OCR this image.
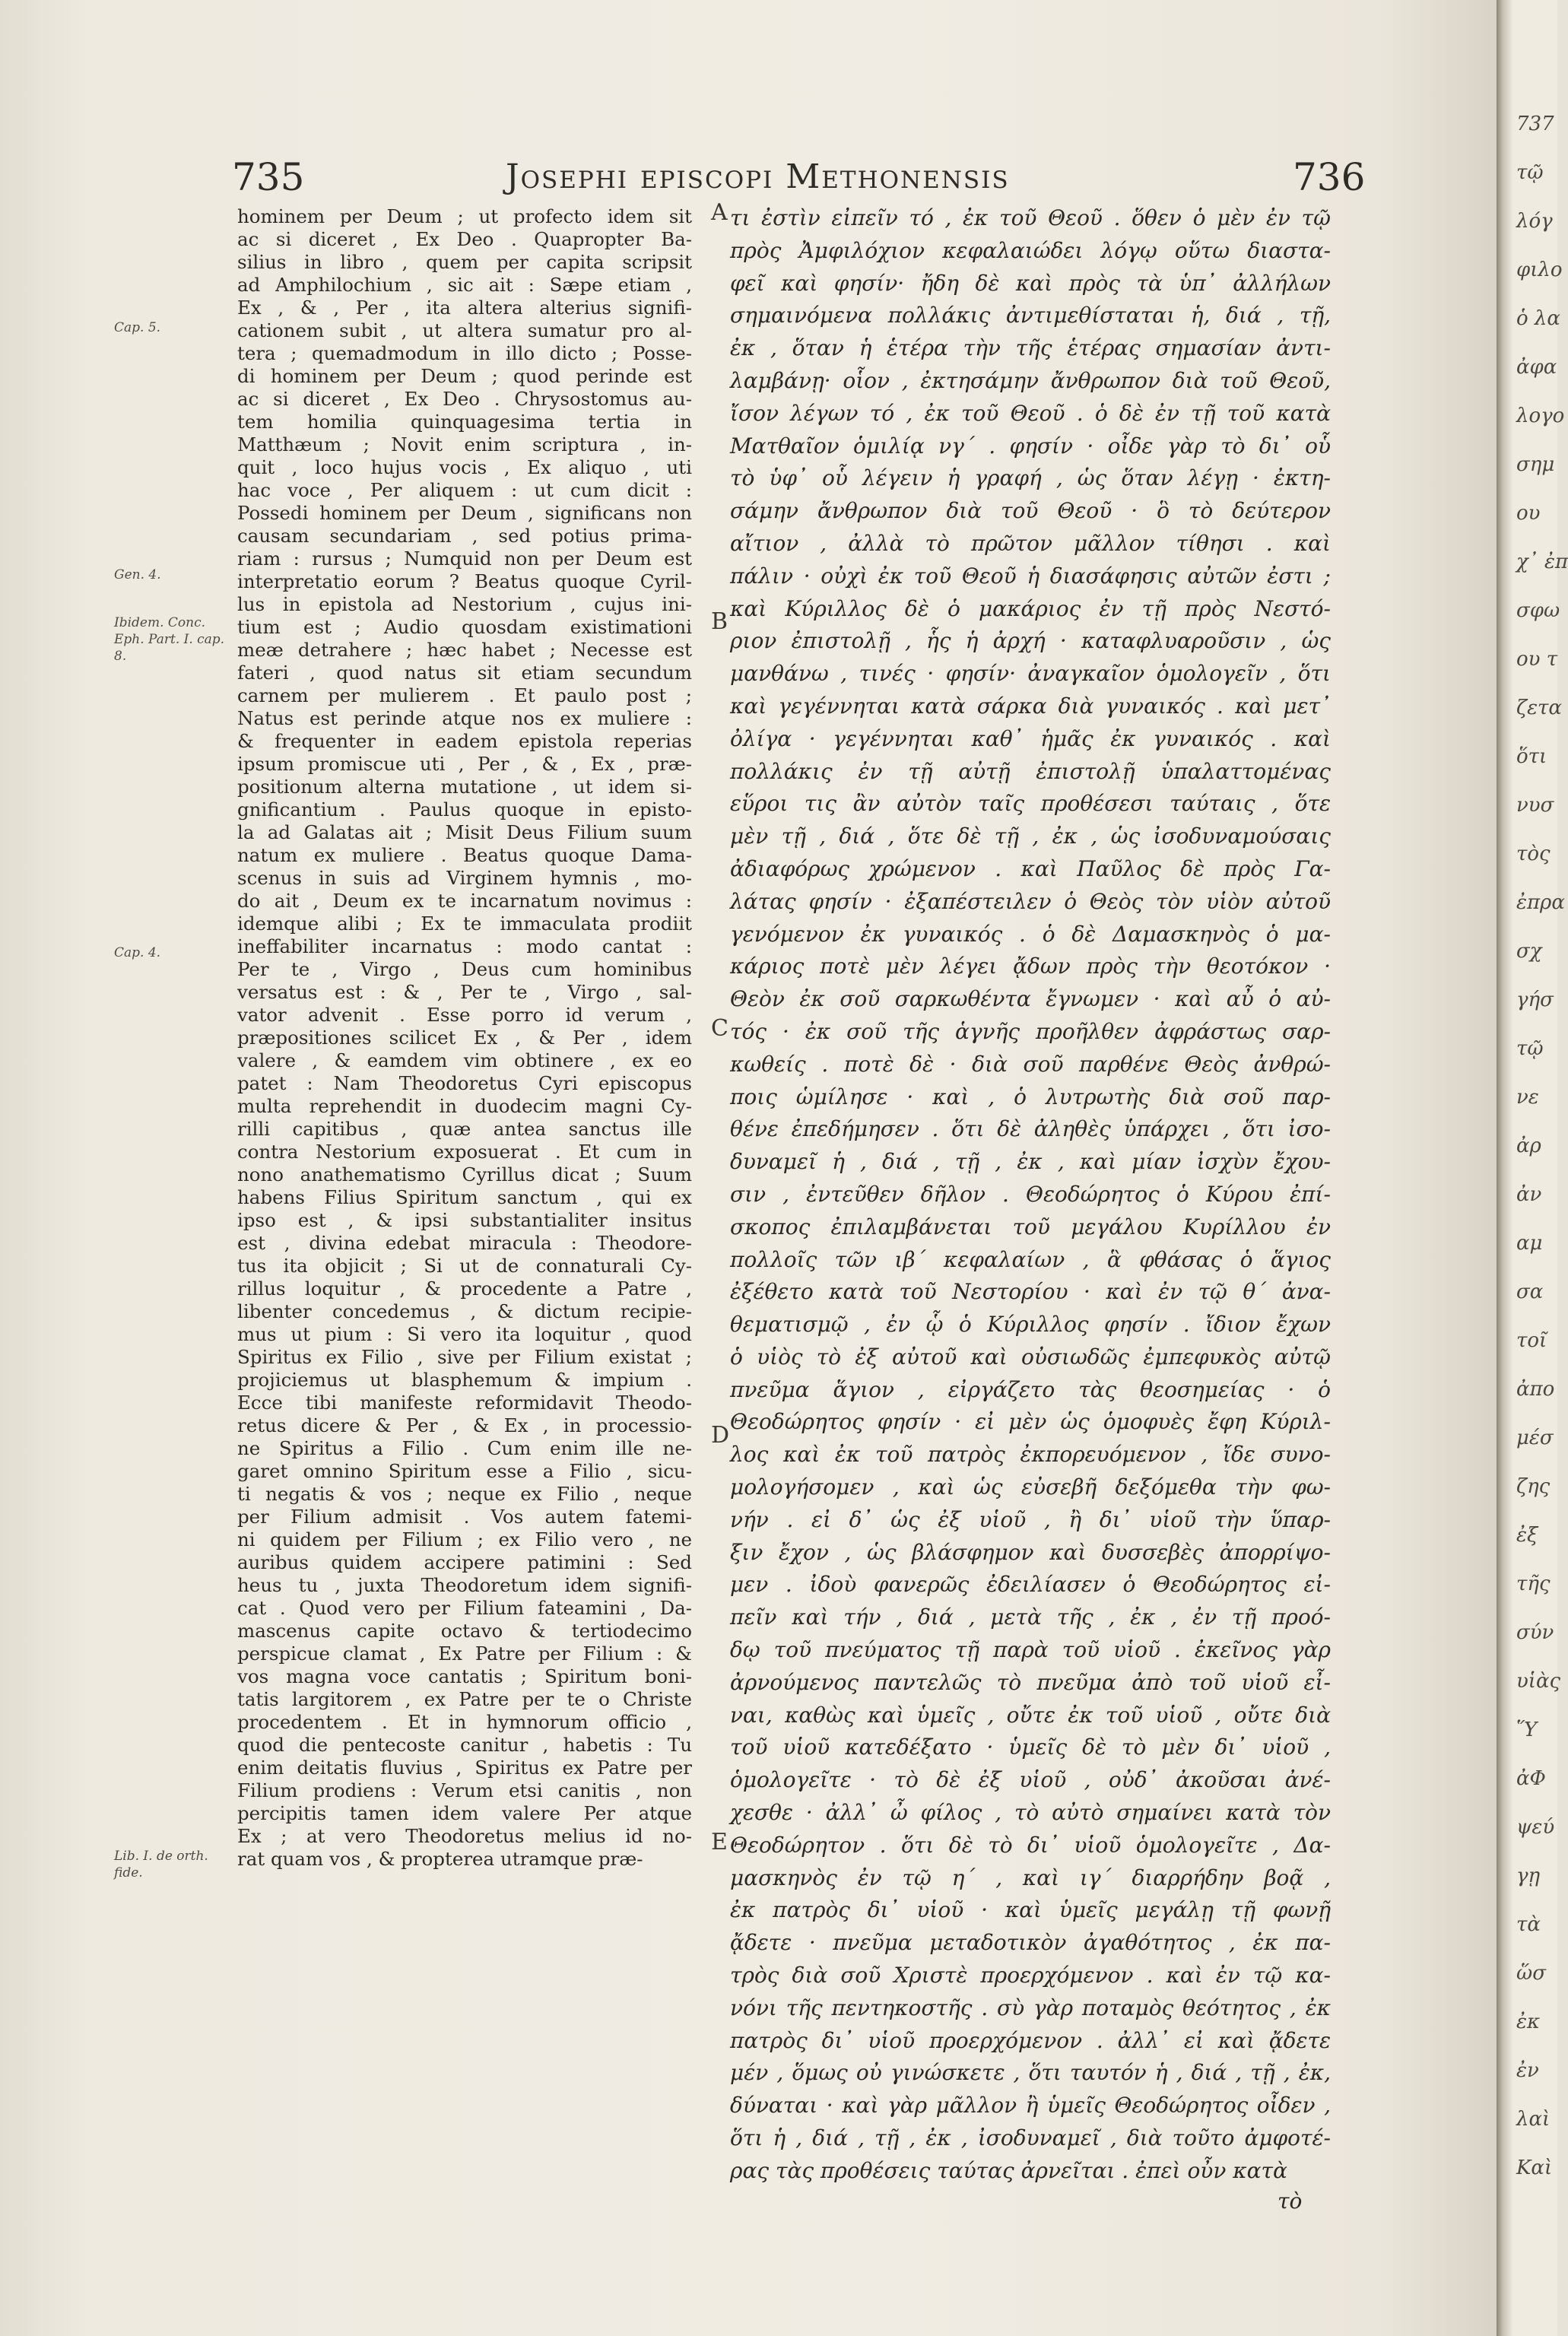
735	Josephi episcopi Methonensis	736
Cap. 5.
Gen. 4.
Ibidem. Conc. Eph. Part. I. cap. 8.
Cap. 4.
Lib. I. de orth. fide.
hominem per Deum ; ut profecto idem sit
ac si diceret , Ex Deo . Quapropter Ba-
silius in libro , quem per capita scripsit
ad Amphilochium , sic ait : Sæpe etiam ,
Ex , & , Per , ita altera alterius signifi-
cationem subit , ut altera sumatur pro al-
tera ; quemadmodum in illo dicto ; Posse-
di hominem per Deum ; quod perinde est
ac si diceret , Ex Deo . Chrysostomus au-
tem homilia quinquagesima tertia in
Matthæum ; Novit enim scriptura , in-
quit , loco hujus vocis , Ex aliquo , uti
hac voce , Per aliquem : ut cum dicit :
Possedi hominem per Deum , significans non
causam secundariam , sed potius prima-
riam : rursus ; Numquid non per Deum est
interpretatio eorum ? Beatus quoque Cyril-
lus in epistola ad Nestorium , cujus ini-
tium est ; Audio quosdam existimationi
meæ detrahere ; hæc habet ; Necesse est
fateri , quod natus sit etiam secundum
carnem per mulierem . Et paulo post ;
Natus est perinde atque nos ex muliere :
& frequenter in eadem epistola reperias
ipsum promiscue uti , Per , & , Ex , præ-
positionum alterna mutatione , ut idem si-
gnificantium . Paulus quoque in episto-
la ad Galatas ait ; Misit Deus Filium suum
natum ex muliere . Beatus quoque Dama-
scenus in suis ad Virginem hymnis , mo-
do ait , Deum ex te incarnatum novimus :
idemque alibi ; Ex te immaculata prodiit
ineffabiliter incarnatus : modo cantat :
Per te , Virgo , Deus cum hominibus
versatus est : & , Per te , Virgo , sal-
vator advenit . Esse porro id verum ,
præpositiones scilicet Ex , & Per , idem
valere , & eamdem vim obtinere , ex eo
patet : Nam Theodoretus Cyri episcopus
multa reprehendit in duodecim magni Cy-
rilli capitibus , quæ antea sanctus ille
contra Nestorium exposuerat . Et cum in
nono anathematismo Cyrillus dicat ; Suum
habens Filius Spiritum sanctum , qui ex
ipso est , & ipsi substantialiter insitus
est , divina edebat miracula : Theodore-
tus ita objicit ; Si ut de connaturali Cy-
rillus loquitur , & procedente a Patre ,
libenter concedemus , & dictum recipie-
mus ut pium : Si vero ita loquitur , quod
Spiritus ex Filio , sive per Filium existat ;
projiciemus ut blasphemum & impium .
Ecce tibi manifeste reformidavit Theodo-
retus dicere & Per , & Ex , in processio-
ne Spiritus a Filio . Cum enim ille ne-
garet omnino Spiritum esse a Filio , sicu-
ti negatis & vos ; neque ex Filio , neque
per Filium admisit . Vos autem fatemi-
ni quidem per Filium ; ex Filio vero , ne
auribus quidem accipere patimini : Sed
heus tu , juxta Theodoretum idem signifi-
cat . Quod vero per Filium fateamini , Da-
mascenus capite octavo & tertiodecimo
perspicue clamat , Ex Patre per Filium : &
vos magna voce cantatis ; Spiritum boni-
tatis largitorem , ex Patre per te o Christe
procedentem . Et in hymnorum officio ,
quod die pentecoste canitur , habetis : Tu
enim deitatis fluvius , Spiritus ex Patre per
Filium prodiens : Verum etsi canitis , non
percipitis tamen idem valere Per atque
Ex ; at vero Theodoretus melius id no-
rat quam vos , & propterea utramque præ-
A
B
C
D
E
τι ἐστὶν εἰπεῖν τό , ἐκ τοῦ Θεοῦ . ὅθεν ὁ μὲν ἐν τῷ
πρὸς Ἀμφιλόχιον κεφαλαιώδει λόγῳ οὕτω διαστα-
φεῖ καὶ φησίν· ἤδη δὲ καὶ πρὸς τὰ ὑπ᾽ ἀλλήλων
σημαινόμενα πολλάκις ἀντιμεθίσταται ἡ, διά , τῇ,
ἐκ , ὅταν ἡ ἑτέρα τὴν τῆς ἑτέρας σημασίαν ἀντι-
λαμβάνῃ· οἷον , ἐκτησάμην ἄνθρωπον διὰ τοῦ Θεοῦ,
ἴσον λέγων τό , ἐκ τοῦ Θεοῦ . ὁ δὲ ἐν τῇ τοῦ κατὰ
Ματθαῖον ὁμιλίᾳ νγ´ . φησίν · οἶδε γὰρ τὸ δι᾽ οὗ
τὸ ὑφ᾽ οὗ λέγειν ἡ γραφή , ὡς ὅταν λέγῃ · ἐκτη-
σάμην ἄνθρωπον διὰ τοῦ Θεοῦ · ὃ τὸ δεύτερον
αἴτιον , ἀλλὰ τὸ πρῶτον μᾶλλον τίθησι . καὶ
πάλιν · οὐχὶ ἐκ τοῦ Θεοῦ ἡ διασάφησις αὐτῶν ἐστι ;
καὶ Κύριλλος δὲ ὁ μακάριος ἐν τῇ πρὸς Νεστό-
ριον ἐπιστολῇ , ἧς ἡ ἀρχή · καταφλυαροῦσιν , ὡς
μανθάνω , τινές · φησίν· ἀναγκαῖον ὁμολογεῖν , ὅτι
καὶ γεγέννηται κατὰ σάρκα διὰ γυναικός . καὶ μετ᾽
ὀλίγα · γεγέννηται καθ᾽ ἡμᾶς ἐκ γυναικός . καὶ
πολλάκις ἐν τῇ αὐτῇ ἐπιστολῇ ὑπαλαττομένας
εὕροι τις ἂν αὐτὸν ταῖς προθέσεσι ταύταις , ὅτε
μὲν τῇ , διά , ὅτε δὲ τῇ , ἐκ , ὡς ἰσοδυναμούσαις
ἀδιαφόρως χρώμενον . καὶ Παῦλος δὲ πρὸς Γα-
λάτας φησίν · ἐξαπέστειλεν ὁ Θεὸς τὸν υἱὸν αὐτοῦ
γενόμενον ἐκ γυναικός . ὁ δὲ Δαμασκηνὸς ὁ μα-
κάριος ποτὲ μὲν λέγει ᾄδων πρὸς τὴν θεοτόκον ·
Θεὸν ἐκ σοῦ σαρκωθέντα ἔγνωμεν · καὶ αὖ ὁ αὐ-
τός · ἐκ σοῦ τῆς ἁγνῆς προῆλθεν ἀφράστως σαρ-
κωθείς . ποτὲ δὲ · διὰ σοῦ παρθένε Θεὸς ἀνθρώ-
ποις ὡμίλησε · καὶ , ὁ λυτρωτὴς διὰ σοῦ παρ-
θένε ἐπεδήμησεν . ὅτι δὲ ἀληθὲς ὑπάρχει , ὅτι ἰσο-
δυναμεῖ ἡ , διά , τῇ , ἐκ , καὶ μίαν ἰσχὺν ἔχου-
σιν , ἐντεῦθεν δῆλον . Θεοδώρητος ὁ Κύρου ἐπί-
σκοπος ἐπιλαμβάνεται τοῦ μεγάλου Κυρίλλου ἐν
πολλοῖς τῶν ιβ´ κεφαλαίων , ἃ φθάσας ὁ ἅγιος
ἐξέθετο κατὰ τοῦ Νεστορίου · καὶ ἐν τῷ θ´ ἀνα-
θεματισμῷ , ἐν ᾧ ὁ Κύριλλος φησίν . ἴδιον ἔχων
ὁ υἱὸς τὸ ἐξ αὐτοῦ καὶ οὐσιωδῶς ἐμπεφυκὸς αὐτῷ
πνεῦμα ἅγιον , εἰργάζετο τὰς θεοσημείας · ὁ
Θεοδώρητος φησίν · εἰ μὲν ὡς ὁμοφυὲς ἔφη Κύριλ-
λος καὶ ἐκ τοῦ πατρὸς ἐκπορευόμενον , ἴδε συνο-
μολογήσομεν , καὶ ὡς εὐσεβῆ δεξόμεθα τὴν φω-
νήν . εἰ δ᾽ ὡς ἐξ υἱοῦ , ἢ δι᾽ υἱοῦ τὴν ὕπαρ-
ξιν ἔχον , ὡς βλάσφημον καὶ δυσσεβὲς ἀπορρίψο-
μεν . ἰδοὺ φανερῶς ἐδειλίασεν ὁ Θεοδώρητος εἰ-
πεῖν καὶ τήν , διά , μετὰ τῆς , ἐκ , ἐν τῇ προό-
δῳ τοῦ πνεύματος τῇ παρὰ τοῦ υἱοῦ . ἐκεῖνος γὰρ
ἀρνούμενος παντελῶς τὸ πνεῦμα ἀπὸ τοῦ υἱοῦ εἶ-
ναι, καθὼς καὶ ὑμεῖς , οὔτε ἐκ τοῦ υἱοῦ , οὔτε διὰ
τοῦ υἱοῦ κατεδέξατο · ὑμεῖς δὲ τὸ μὲν δι᾽ υἱοῦ ,
ὁμολογεῖτε · τὸ δὲ ἐξ υἱοῦ , οὐδ᾽ ἀκοῦσαι ἀνέ-
χεσθε · ἀλλ᾽ ὦ φίλος , τὸ αὐτὸ σημαίνει κατὰ τὸν
Θεοδώρητον . ὅτι δὲ τὸ δι᾽ υἱοῦ ὁμολογεῖτε , Δα-
μασκηνὸς ἐν τῷ η´ , καὶ ιγ´ διαρρήδην βοᾷ ,
ἐκ πατρὸς δι᾽ υἱοῦ · καὶ ὑμεῖς μεγάλῃ τῇ φωνῇ
ᾄδετε · πνεῦμα μεταδοτικὸν ἀγαθότητος , ἐκ πα-
τρὸς διὰ σοῦ Χριστὲ προερχόμενον . καὶ ἐν τῷ κα-
νόνι τῆς πεντηκοστῆς . σὺ γὰρ ποταμὸς θεότητος , ἐκ
πατρὸς δι᾽ υἱοῦ προερχόμενον . ἀλλ᾽ εἰ καὶ ᾄδετε
μέν , ὅμως οὐ γινώσκετε , ὅτι ταυτόν ἡ , διά , τῇ , ἐκ,
δύναται · καὶ γὰρ μᾶλλον ἢ ὑμεῖς Θεοδώρητος οἶδεν ,
ὅτι ἡ , διά , τῇ , ἐκ , ἰσοδυναμεῖ , διὰ τοῦτο ἀμφοτέ-
ρας τὰς προθέσεις ταύτας ἀρνεῖται . ἐπεὶ οὖν κατὰ
τὸ
737
τῷ
λόγ
φιλο
ὁ λα
ἀφα
λογο
σημ
ου
χ᾽ ἐπ
σφω
ου τ
ζετα
ὅτι
νυσ
τὸς
ἐπρα
σχ
γήσ
τῷ
νε
ἀρ
ἀν
αμ
σα
τοῖ
ἀπο
μέσ
ζης
ἐξ
τῆς
σύν
υἱὰς
Ὕ
ἀΦ
ψεύ
γῃ
τὰ
ὥσ
ἐκ
ἐν
λαὶ
Καὶ
